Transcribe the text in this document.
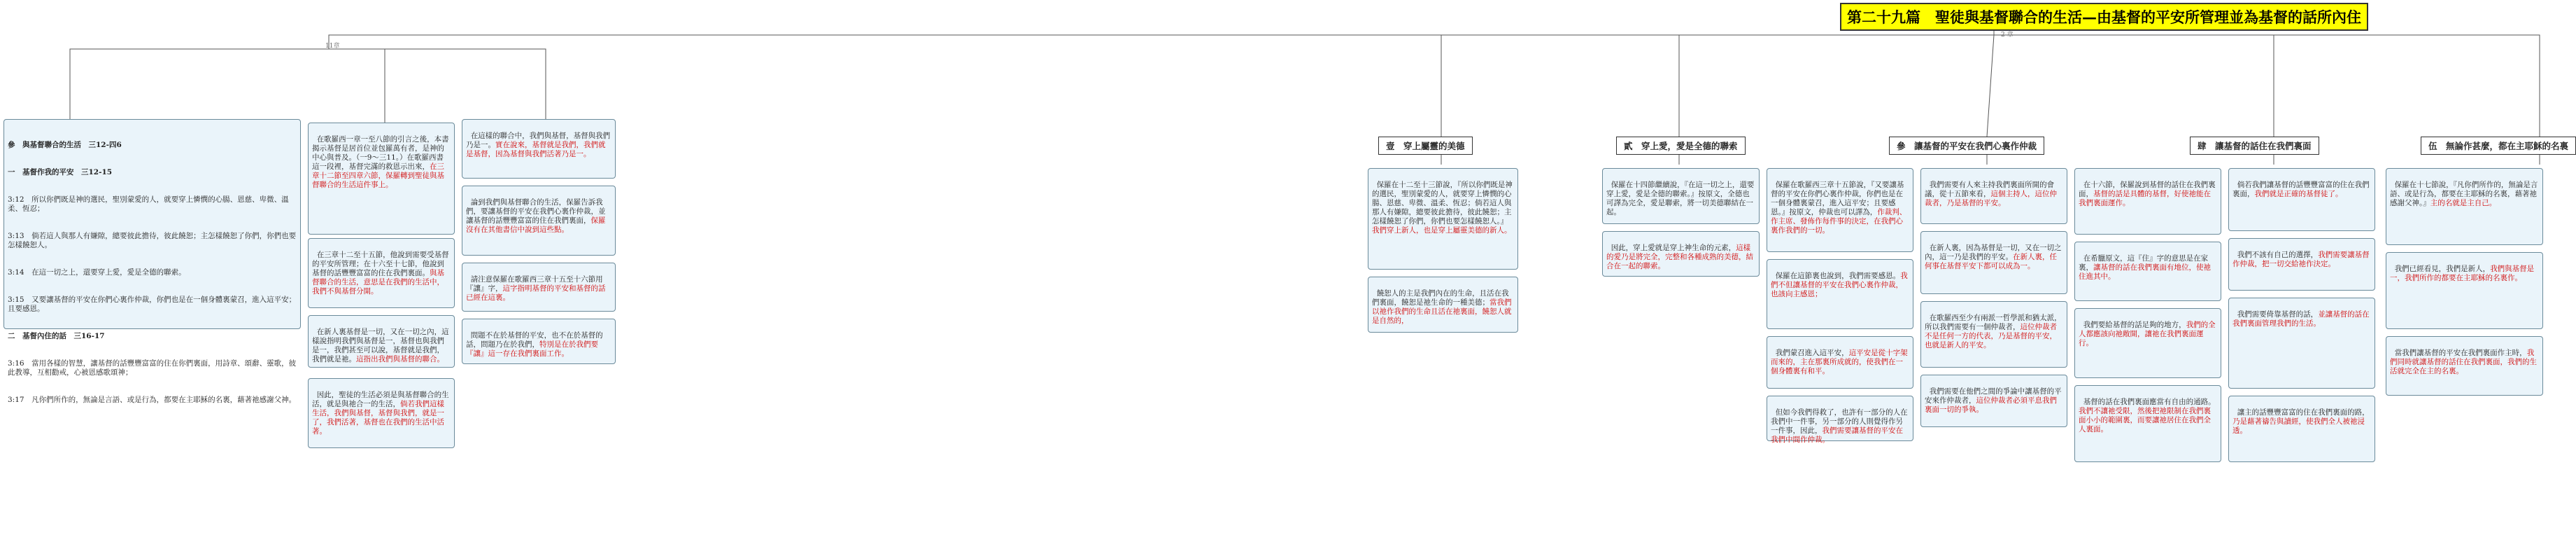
第二十九篇　聖徒與基督聯合的生活—由基督的平安所管理並為基督的話所內住
11章
2 章

參　與基督聯合的生活　三12-四6

一　基督作我的平安　三12-15

3:12　所以你們既是神的選民，聖別蒙愛的人，就要穿上憐憫的心腸、恩慈、卑微、溫柔、恆忍；

3:13　倘若這人與那人有嫌隙，總要彼此擔待，彼此饒恕；主怎樣饒恕了你們，你們也要怎樣饒恕人。

3:14　在這一切之上，還要穿上愛，愛是全德的聯索。

3:15　又要讓基督的平安在你們心裏作仲裁，你們也是在一個身體裏蒙召，進入這平安；且要感恩。

二　基督內住的話　三16-17

3:16　當用各樣的智慧，讓基督的話豐豐富富的住在你們裏面，用詩章、頌辭、靈歌，彼此教導，互相勸戒，心被恩感歌頌神；

3:17　凡你們所作的，無論是言語、或是行為，都要在主耶穌的名裏，藉著祂感謝父神。

在歌羅西一章一至八節的引言之後，本書揭示基督是居首位並包羅萬有者，是神的中心與普及。（一9～三11。）在歌羅西書這一段裡，基督完滿的救恩示出來，在三章十二節至四章六節，保羅轉到聖徒與基督聯合的生活這件事上。

在三章十二至十五節，他說到需要受基督的平安所管理；在十六至十七節，他說到基督的話豐豐富富的住在我們裏面。與基督聯合的生活，意思是在我們的生活中，我們不與基督分開。

在新人裏基督是一切，又在一切之內，這樣說指明我們與基督是一，基督也與我們是一，我們甚至可以說，基督就是我們，我們就是祂。這指出我們與基督的聯合。

因此，聖徒的生活必須是與基督聯合的生活，就是與祂合一的生活，倘若我們這樣生活，我們與基督，基督與我們，就是一了，我們活著，基督也在我們的生活中活著。

在這樣的聯合中，我們與基督，基督與我們乃是一。實在說來，基督就是我們，我們就是基督，因為基督與我們活著乃是一。

論到我們與基督聯合的生活，保羅告訴我們，要讓基督的平安在我們心裏作仲裁，並讓基督的話豐豐富富的住在我們裏面，保羅沒有在其他書信中說到這些點。

請注意保羅在歌羅西三章十五至十六節用『讓』字，這字指明基督的平安和基督的話已經在這裏。

問題不在於基督的平安，也不在於基督的話，問題乃在於我們，特別是在於我們要『讓』這一存在我們裏面工作。

壹　穿上屬靈的美德	貳　穿上愛，愛是全德的聯索	參　讓基督的平安在我們心裏作仲裁	肆　讓基督的話住在我們裏面	伍　無論作甚麼，都在主耶穌的名裏

保羅在十二至十三節說，『所以你們既是神的選民，聖別蒙愛的人，就要穿上憐憫的心腸、恩慈、卑微、溫柔、恆忍；倘若這人與那人有嫌隙，總要彼此擔待，彼此饒恕；主怎樣饒恕了你們，你們也要怎樣饒恕人。』我們穿上新人，也是穿上屬靈美德的新人。

饒恕人的主是我們內在的生命，且活在我們裏面，饒恕是祂生命的一種美德；當我們以祂作我們的生命且活在祂裏面，饒恕人就是自然的，

保羅在十四節繼續說，『在這一切之上，還要穿上愛，愛是全德的聯索。』按原文，全德也可譯為完全，愛是聯索，將一切美德聯結在一起。

因此，穿上愛就是穿上神生命的元素，這樣的愛乃是將完全，完整和各種成熟的美德，結合在一起的聯索。

保羅在歌羅西三章十五節說，『又要讓基督的平安在你們心裏作仲裁，你們也是在一個身體裏蒙召，進入這平安；且要感恩。』按原文，仲裁也可以譯為，作裁判、作主席、發佈作每件事的決定，在我們心裏作我們的一切。

保羅在這節裏也說到，我們需要感恩。我們不但讓基督的平安在我們心裏作仲裁，也該向主感恩；

我們蒙召進入這平安，這平安是從十字架而來的，主在那裏所成就的，使我們在一個身體裏有和平。

但如今我們得救了，也許有一部分的人在我們中一件事，另一部分的人則覺得作另一件事，因此，我們需要讓基督的平安在我們中間作仲裁。

我們需要有人來主持我們裏面所開的會議，從十五節來看，這個主持人，這位仲裁者，乃是基督的平安。

在新人裏，因為基督是一切，又在一切之內，這一乃是我們的平安。在新人裏，任何事在基督平安下都可以成為一。

在歌羅西至少有兩派一哲學派和猶太派，所以我們需要有一個仲裁者，這位仲裁者不是任何一方的代表，乃是基督的平安，也就是新人的平安。

我們需要在他們之間的爭論中讓基督的平安來作仲裁者，這位仲裁者必須平息我們裏面一切的爭執。

在十六節，保羅說到基督的話住在我們裏面，基督的話是具體的基督，好使祂能在我們裏面運作。

在希臘原文，這『住』字的意思是在家裏，讓基督的話在我們裏面有地位，使祂住進其中。

我們要給基督的話足夠的地方，我們的全人都應該向祂敞開，讓祂在我們裏面運行。

基督的話在我們裏面應當有自由的通路。我們不讓祂受限，然後把祂限制在我們裏面小小的範圍裏，而要讓祂居住在我們全人裏面。

倘若我們讓基督的話豐豐富富的住在我們裏面，我們就是正確的基督徒了。

我們不該有自己的選擇，我們需要讓基督作仲裁，把一切交給祂作決定。

我們需要倚靠基督的話，並讓基督的話在我們裏面管理我們的生活。

讓主的話豐豐富富的住在我們裏面的路，乃是藉著禱告與讀經，使我們全人被祂浸透。

保羅在十七節說，『凡你們所作的，無論是言語、或是行為，都要在主耶穌的名裏，藉著祂感謝父神。』主的名就是主自己。

我們已經看見，我們是新人，我們與基督是一，我們所作的都要在主耶穌的名裏作。

當我們讓基督的平安在我們裏面作主時，我們同時就讓基督的話住在我們裏面，我們的生活就完全在主的名裏。
